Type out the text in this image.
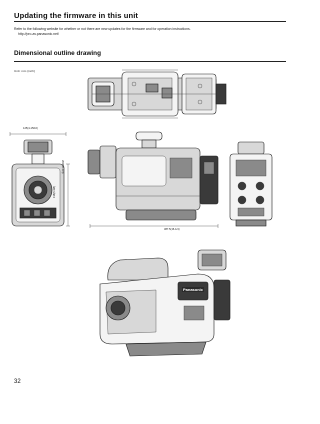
Updating the firmware in this unit
Refer to the following website for whether or not there are new updates for the firmware and for operation instructions.
http://pro-av.panasonic.net/
Dimensional outline drawing
Unit: mm (inch)
125(4-15/16)
260(10-1/4)
136(5-3/8)
387.5(15-1/4)
Panasonic
32
